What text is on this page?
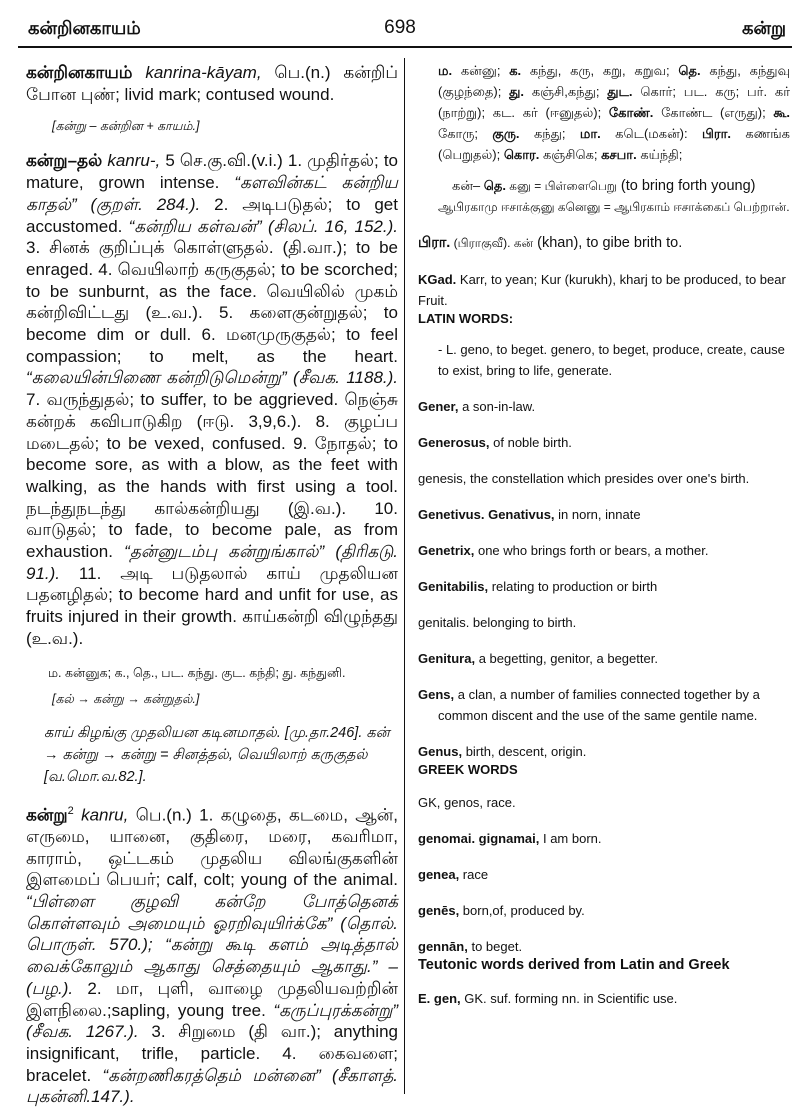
கன்றினகாயம்	698	கன்று

கன்றினகாயம் kanrina-kāyam, பெ.(n.) கன்றிப் போன புண்; livid mark; contused wound.

[கன்று – கன்றின + காயம்.]

கன்று–தல் kanru-, 5 செ.கு.வி.(v.i.) 1. முதிர்தல்; to mature, grown intense. “களவின்கட் கன்றிய காதல்” (குறள். 284.). 2. அடிபடுதல்; to get accustomed. “கன்றிய கள்வன்” (சிலப். 16, 152.). 3. சினக் குறிப்புக் கொள்ளுதல். (தி.வா.); to be enraged. 4. வெயிலாற் கருகுதல்; to be scorched; to be sunburnt, as the face. வெயிலில் முகம் கன்றிவிட்டது (உ.வ.). 5. களைகுன்றுதல்; to become dim or dull. 6. மனமுருகுதல்; to feel compassion; to melt, as the heart. “கலையின்பிணை கன்றிடுமென்று” (சீவக. 1188.). 7. வருந்துதல்; to suffer, to be aggrieved. நெஞ்சு கன்றக் கவிபாடுகிற (ஈடு. 3,9,6.). 8. குழப்ப மடைதல்; to be vexed, confused. 9. நோதல்; to become sore, as with a blow, as the feet with walking, as the hands with first using a tool. நடந்துநடந்து கால்கன்றியது (இ.வ.). 10. வாடுதல்; to fade, to become pale, as from exhaustion. “தன்னுடம்பு கன்றுங்கால்” (திரிகடு. 91.). 11. அடி படுதலால் காய் முதலியன பதனழிதல்; to become hard and unfit for use, as fruits injured in their growth. காய்கன்றி விழுந்தது (உ.வ.).

ம. கன்னுக; க., தெ., பட. கந்து. குட. கந்தி; து. கந்துனி.

[கல் → கன்று → கன்றுதல்.]

காய் கிழங்கு முதலியன கடினமாதல். [மு.தா.246]. கன் → கன்று → கன்று = சினத்தல், வெயிலாற் கருகுதல் [வ.மொ.வ.82.].

கன்று$^2$ kanru, பெ.(n.) 1. கழுதை, கடமை, ஆன், எருமை, யானை, குதிரை, மரை, கவரிமா, காராம், ஒட்டகம் முதலிய விலங்குகளின் இளமைப் பெயர்; calf, colt; young of the animal. “பிள்ளை குழவி கன்றே போத்தெனக் கொள்ளவும் அமையும் ஓரறிவுயிர்க்கே” (தொல். பொருள். 570.); “கன்று கூடி களம் அடித்தால் வைக்கோலும் ஆகாது செத்தையும் ஆகாது.” – (பழ.). 2. மா, புளி, வாழை முதலியவற்றின் இளநிலை.;sapling, young tree. “கருப்புரக்கன்று” (சீவக. 1267.). 3. சிறுமை (தி வா.); anything insignificant, trifle, particle. 4. கைவளை; bracelet. “கன்றணிகரத்தெம் மன்னை” (சீகாளத். புகன்னி.147.).

ம. கன்னு; க. கந்து, கரு, கறு, கறுவ; தெ. கந்து, கந்துவு (குழந்தை); து. கஞ்சி,கந்து; துட. கொர்; பட. கரு; பர். கர் (நாற்று); கட. கர் (ஈனுதல்); கோண். கோண்ட (எருது); கூ. கோரு; குரு. கந்து; மா. கடெ(மகன்): பிரா. கணங்க (பெறுதல்); கொர. கஞ்சிகெ; கசபா. கய்ந்தி;

கன்– தெ. கனு = பிள்ளைபெறு (to bring forth young)

ஆபிரகாமு ஈசாக்குனு கனெனு = ஆபிரகாம் ஈசாக்கைப் பெற்றான்.

பிரா. (பிராகுவீ). கன் (khan), to gibe brith to.

KGad. Karr, to yean; Kur (kurukh), kharj to be produced, to bear Fruit.

LATIN WORDS:

- L. geno, to beget. genero, to beget, produce, create, cause to exist, bring to life, generate.

Gener, a son-in-law.

Generosus, of noble birth.

genesis, the constellation which presides over one's birth.

Genetivus. Genativus, in norn, innate

Genetrix, one who brings forth or bears, a mother.

Genitabilis, relating to production or birth

genitalis. belonging to birth.

Genitura, a begetting, genitor, a begetter.

Gens, a clan, a number of families connected together by a common discent and the use of the same gentile name.

Genus, birth, descent, origin.

GREEK WORDS

GK, genos, race.

genomai. gignamai, I am born.

genea, race

genēs, born,of, produced by.

gennān, to beget.

Teutonic words derived from Latin and Greek

E. gen, GK. suf. forming nn. in Scientific use.
